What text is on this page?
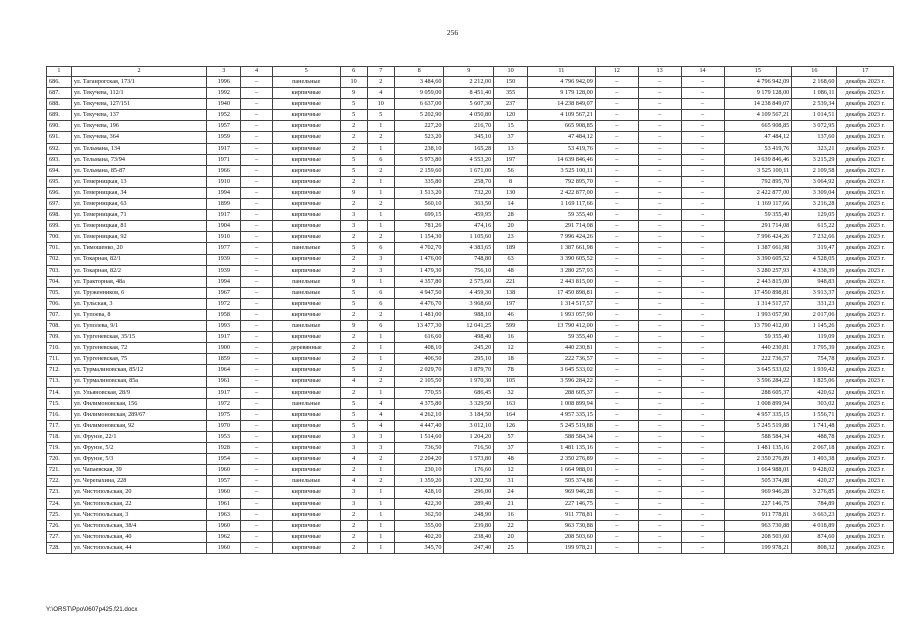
256
1	2	3	4	5	6	7	8	9	10	11	12	13	14	15	16	17
686.	ул. Таганрогская, 173/1	1996	–	панельные	10	2	3 484,60	2 212,00	150	4 796 942,09	–	–	–	4 796 942,09	2 168,60	декабрь 2023 г.
687.	ул. Текучева, 112/1	1992	–	кирпичные	9	4	9 059,00	8 451,40	355	9 179 128,00	–	–	–	9 179 128,00	1 086,11	декабрь 2023 г.
688.	ул. Текучева, 127/151	1940	–	кирпичные	5	10	6 637,00	5 607,30	237	14 238 849,07	–	–	–	14 238 849,07	2 539,34	декабрь 2023 г.
689.	ул. Текучева, 137	1952	–	кирпичные	5	5	5 202,90	4 050,80	120	4 109 567,21	–	–	–	4 109 567,21	1 014,51	декабрь 2023 г.
690.	ул. Текучева, 196	1957	–	кирпичные	2	1	227,20	216,70	15	665 908,85	–	–	–	665 908,85	3 072,95	декабрь 2023 г.
691.	ул. Текучева, 364	1959	–	кирпичные	2	2	523,20	345,10	37	47 484,12	–	–	–	47 484,12	137,60	декабрь 2023 г.
692.	ул. Тельмана, 134	1917	–	кирпичные	2	1	238,10	165,28	13	53 419,76	–	–	–	53 419,76	323,21	декабрь 2023 г.
693.	ул. Тельмана, 73/94	1971	–	кирпичные	5	6	5 973,80	4 553,20	197	14 639 846,46	–	–	–	14 639 846,46	3 215,29	декабрь 2023 г.
694.	ул. Тельмана, 85-87	1966	–	кирпичные	5	2	2 159,60	1 671,00	56	3 525 100,11	–	–	–	3 525 100,11	2 109,58	декабрь 2023 г.
695.	ул. Темерницкая, 13	1910	–	кирпичные	2	1	335,80	258,70	8	792 895,70	–	–	–	792 895,70	3 064,92	декабрь 2023 г.
696.	ул. Темерницкая, 34	1994	–	кирпичные	9	1	1 513,20	732,20	130	2 422 877,00	–	–	–	2 422 877,00	3 309,04	декабрь 2023 г.
697.	ул. Темерницкая, 63	1899	–	кирпичные	2	2	560,10	363,50	14	1 169 117,66	–	–	–	1 169 117,66	3 216,28	декабрь 2023 г.
698.	ул. Темерницкая, 71	1917	–	кирпичные	3	1	699,15	459,95	28	59 355,40	–	–	–	59 355,40	129,05	декабрь 2023 г.
699.	ул. Темерницкая, 81	1904	–	кирпичные	3	1	781,26	474,16	20	291 714,08	–	–	–	291 714,08	615,22	декабрь 2023 г.
700.	ул. Темерницкая, 92	1910	–	кирпичные	2	2	1 154,30	1 105,60	23	7 996 424,26	–	–	–	7 996 424,26	7 232,66	декабрь 2023 г.
701.	ул. Тимошенко, 20	1977	–	панельные	5	6	4 702,70	4 383,65	189	1 387 661,98	–	–	–	1 387 661,98	319,47	декабрь 2023 г.
702.	ул. Токарная, 82/1	1939	–	кирпичные	2	3	1 476,00	748,80	63	3 390 605,52	–	–	–	3 390 605,52	4 528,05	декабрь 2023 г.
703.	ул. Токарная, 82/2	1939	–	кирпичные	2	3	1 479,30	756,10	48	3 280 257,93	–	–	–	3 280 257,93	4 338,39	декабрь 2023 г.
704.	ул. Тракторная, 48а	1994	–	панельные	9	1	4 357,80	2 575,60	221	2 443 815,00	–	–	–	2 443 815,00	948,83	декабрь 2023 г.
705.	ул. Труженников, 6	1967	–	панельные	5	6	4 947,50	4 459,30	138	17 450 898,81	–	–	–	17 450 898,81	3 913,37	декабрь 2023 г.
706.	ул. Тульская, 3	1972	–	кирпичные	5	6	4 476,70	3 968,60	197	1 314 517,57	–	–	–	1 314 517,57	331,23	декабрь 2023 г.
707.	ул. Тупоева, 8	1958	–	кирпичные	2	2	1 481,00	988,10	46	1 993 057,90	–	–	–	1 993 057,90	2 017,06	декабрь 2023 г.
708.	ул. Туполева, 9/1	1993	–	панельные	9	6	13 477,30	12 041,25	599	13 790 412,00	–	–	–	13 790 412,00	1 145,26	декабрь 2023 г.
709.	ул. Тургеневская, 35/15	1917	–	кирпичные	2	1	616,60	498,40	16	59 355,40	–	–	–	59 355,40	119,09	декабрь 2023 г.
710.	ул. Тургеневская, 72	1900	–	деревянные	2	1	408,10	245,20	12	440 230,81	–	–	–	440 230,81	1 795,39	декабрь 2023 г.
711.	ул. Тургеневская, 75	1859	–	кирпичные	2	1	406,50	295,10	18	222 736,57	–	–	–	222 736,57	754,78	декабрь 2023 г.
712.	ул. Турмалиновская, 85/12	1964	–	кирпичные	5	2	2 029,70	1 879,70	78	3 645 533,02	–	–	–	3 645 533,02	1 939,42	декабрь 2023 г.
713.	ул. Турмалиновская, 85а	1961	–	кирпичные	4	2	2 105,50	1 970,30	105	3 596 284,22	–	–	–	3 596 284,22	1 825,06	декабрь 2023 г.
714.	ул. Ульяновская, 28/9	1917	–	кирпичные	2	1	770,55	686,45	32	288 605,37	–	–	–	288 605,37	420,62	декабрь 2023 г.
715.	ул. Филимоновская, 156	1972	–	панельные	5	4	4 375,80	3 329,50	163	1 008 899,94	–	–	–	1 008 899,94	303,02	декабрь 2023 г.
716.	ул. Филимоновская, 289/67	1975	–	кирпичные	5	4	4 262,10	3 184,50	164	4 957 335,15	–	–	–	4 957 335,15	1 556,71	декабрь 2023 г.
717.	ул. Филимоновская, 92	1970	–	кирпичные	5	4	4 447,40	3 012,10	126	5 245 519,88	–	–	–	5 245 519,88	1 741,48	декабрь 2023 г.
718.	ул. Фрунзе, 22/1	1953	–	кирпичные	3	3	1 514,60	1 204,20	57	588 584,34	–	–	–	588 584,34	488,78	декабрь 2023 г.
719.	ул. Фрунзе, 5/2	1928	–	кирпичные	3	3	736,50	716,50	37	1 481 135,16	–	–	–	1 481 135,16	2 067,18	декабрь 2023 г.
720.	ул. Фрунзе, 5/3	1954	–	кирпичные	4	2	2 204,20	1 573,80	48	2 350 276,89	–	–	–	2 350 276,89	1 493,38	декабрь 2023 г.
721.	ул. Чапаевская, 39	1960	–	кирпичные	2	1	230,10	176,60	12	1 664 988,01	–	–	–	1 664 988,01	9 428,02	декабрь 2023 г.
722.	ул. Черепахина, 228	1957	–	панельные	4	2	1 359,20	1 202,50	31	505 374,88	–	–	–	505 374,88	420,27	декабрь 2023 г.
723.	ул. Чистопольская, 20	1960	–	кирпичные	3	1	428,10	296,00	24	969 946,28	–	–	–	969 946,28	3 276,85	декабрь 2023 г.
724.	ул. Чистопольская, 22	1961	–	кирпичные	3	1	422,30	289,40	21	227 146,75	–	–	–	227 146,75	784,89	декабрь 2023 г.
725.	ул. Чистопольская, 3	1963	–	кирпичные	2	1	362,50	248,90	16	911 778,81	–	–	–	911 778,81	3 663,23	декабрь 2023 г.
726.	ул. Чистопольская, 38/4	1960	–	кирпичные	2	1	355,00	239,80	22	963 730,88	–	–	–	963 730,88	4 018,89	декабрь 2023 г.
727.	ул. Чистопольская, 40	1962	–	кирпичные	2	1	402,20	238,40	20	208 503,60	–	–	–	208 503,60	874,60	декабрь 2023 г.
728.	ул. Чистопольская, 44	1960	–	кирпичные	2	1	345,70	247,40	25	199 978,21	–	–	–	199 978,21	808,32	декабрь 2023 г.
Y:\ORST\Ppo\0607p425.f21.docx
